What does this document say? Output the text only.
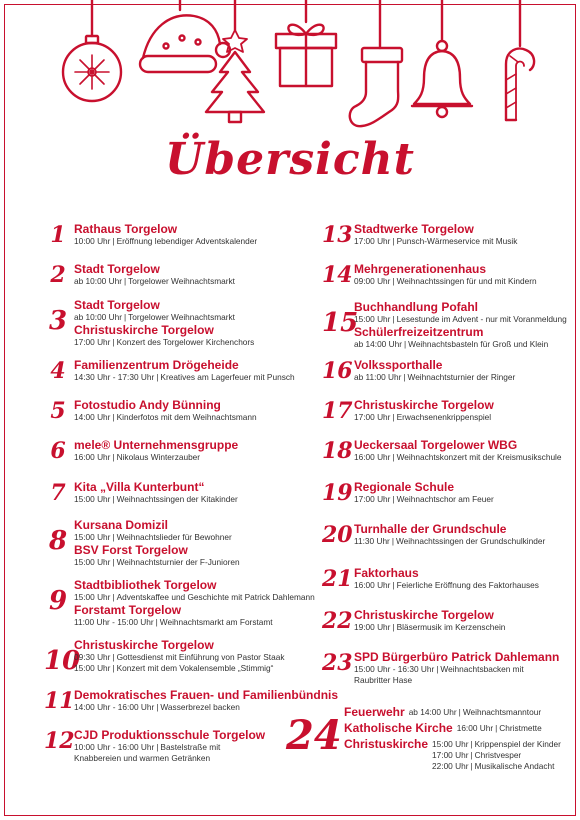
Übersicht
1 Rathaus Torgelow
10:00 Uhr | Eröffnung lebendiger Adventskalender
2 Stadt Torgelow
ab 10:00 Uhr | Torgelower Weihnachtsmarkt
3
Stadt Torgelow
ab 10:00 Uhr | Torgelower Weihnachtsmarkt
Christuskirche Torgelow
17:00 Uhr | Konzert des Torgelower Kirchenchors
4 Familienzentrum Drögeheide
14:30 Uhr - 17:30 Uhr | Kreatives am Lagerfeuer mit Punsch
5 Fotostudio Andy Bünning
14:00 Uhr | Kinderfotos mit dem Weihnachtsmann
6 mele® Unternehmensgruppe
16:00 Uhr | Nikolaus Winterzauber
7 Kita „Villa Kunterbunt“
15:00 Uhr | Weihnachtssingen der Kitakinder
8
Kursana Domizil
15:00 Uhr | Weihnachtslieder für Bewohner
BSV Forst Torgelow
15:00 Uhr | Weihnachtsturnier der F-Junioren
9
Stadtbibliothek Torgelow
15:00 Uhr | Adventskaffee und Geschichte mit Patrick Dahlemann
Forstamt Torgelow
11:00 Uhr - 15:00 Uhr | Weihnachtsmarkt am Forstamt
10
Christuskirche Torgelow
09:30 Uhr | Gottesdienst mit Einführung von Pastor Staak
15:00 Uhr | Konzert mit dem Vokalensemble „Stimmig“
11 Demokratisches Frauen- und Familienbündnis
14:00 Uhr - 16:00 Uhr | Wasserbrezel backen
12 CJD Produktionsschule Torgelow
10:00 Uhr - 16:00 Uhr | Bastelstraße mit
Knabbereien und warmen Getränken
13 Stadtwerke Torgelow
17:00 Uhr | Punsch-Wärmeservice mit Musik
14 Mehrgenerationenhaus
09:00 Uhr | Weihnachtssingen für und mit Kindern
15
Buchhandlung Pofahl
15:00 Uhr | Lesestunde im Advent - nur mit Voranmeldung
Schülerfreizeitzentrum
ab 14:00 Uhr | Weihnachtsbasteln für Groß und Klein
16 Volkssporthalle
ab 11:00 Uhr | Weihnachtsturnier der Ringer
17 Christuskirche Torgelow
17:00 Uhr | Erwachsenenkrippenspiel
18 Ueckersaal Torgelower WBG
16:00 Uhr | Weihnachtskonzert mit der Kreismusikschule
19 Regionale Schule
17:00 Uhr | Weihnachtschor am Feuer
20 Turnhalle der Grundschule
11:30 Uhr | Weihnachtssingen der Grundschulkinder
21 Faktorhaus
16:00 Uhr | Feierliche Eröffnung des Faktorhauses
22 Christuskirche Torgelow
19:00 Uhr | Bläsermusik im Kerzenschein
23 SPD Bürgerbüro Patrick Dahlemann
15:00 Uhr - 16:30 Uhr | Weihnachtsbacken mit
Raubritter Hase
24 Feuerwehr ab 14:00 Uhr | Weihnachtsmanntour
Katholische Kirche 16:00 Uhr | Christmette
Christuskirche 15:00 Uhr | Krippenspiel der Kinder
17:00 Uhr | Christvesper
22:00 Uhr | Musikalische Andacht
